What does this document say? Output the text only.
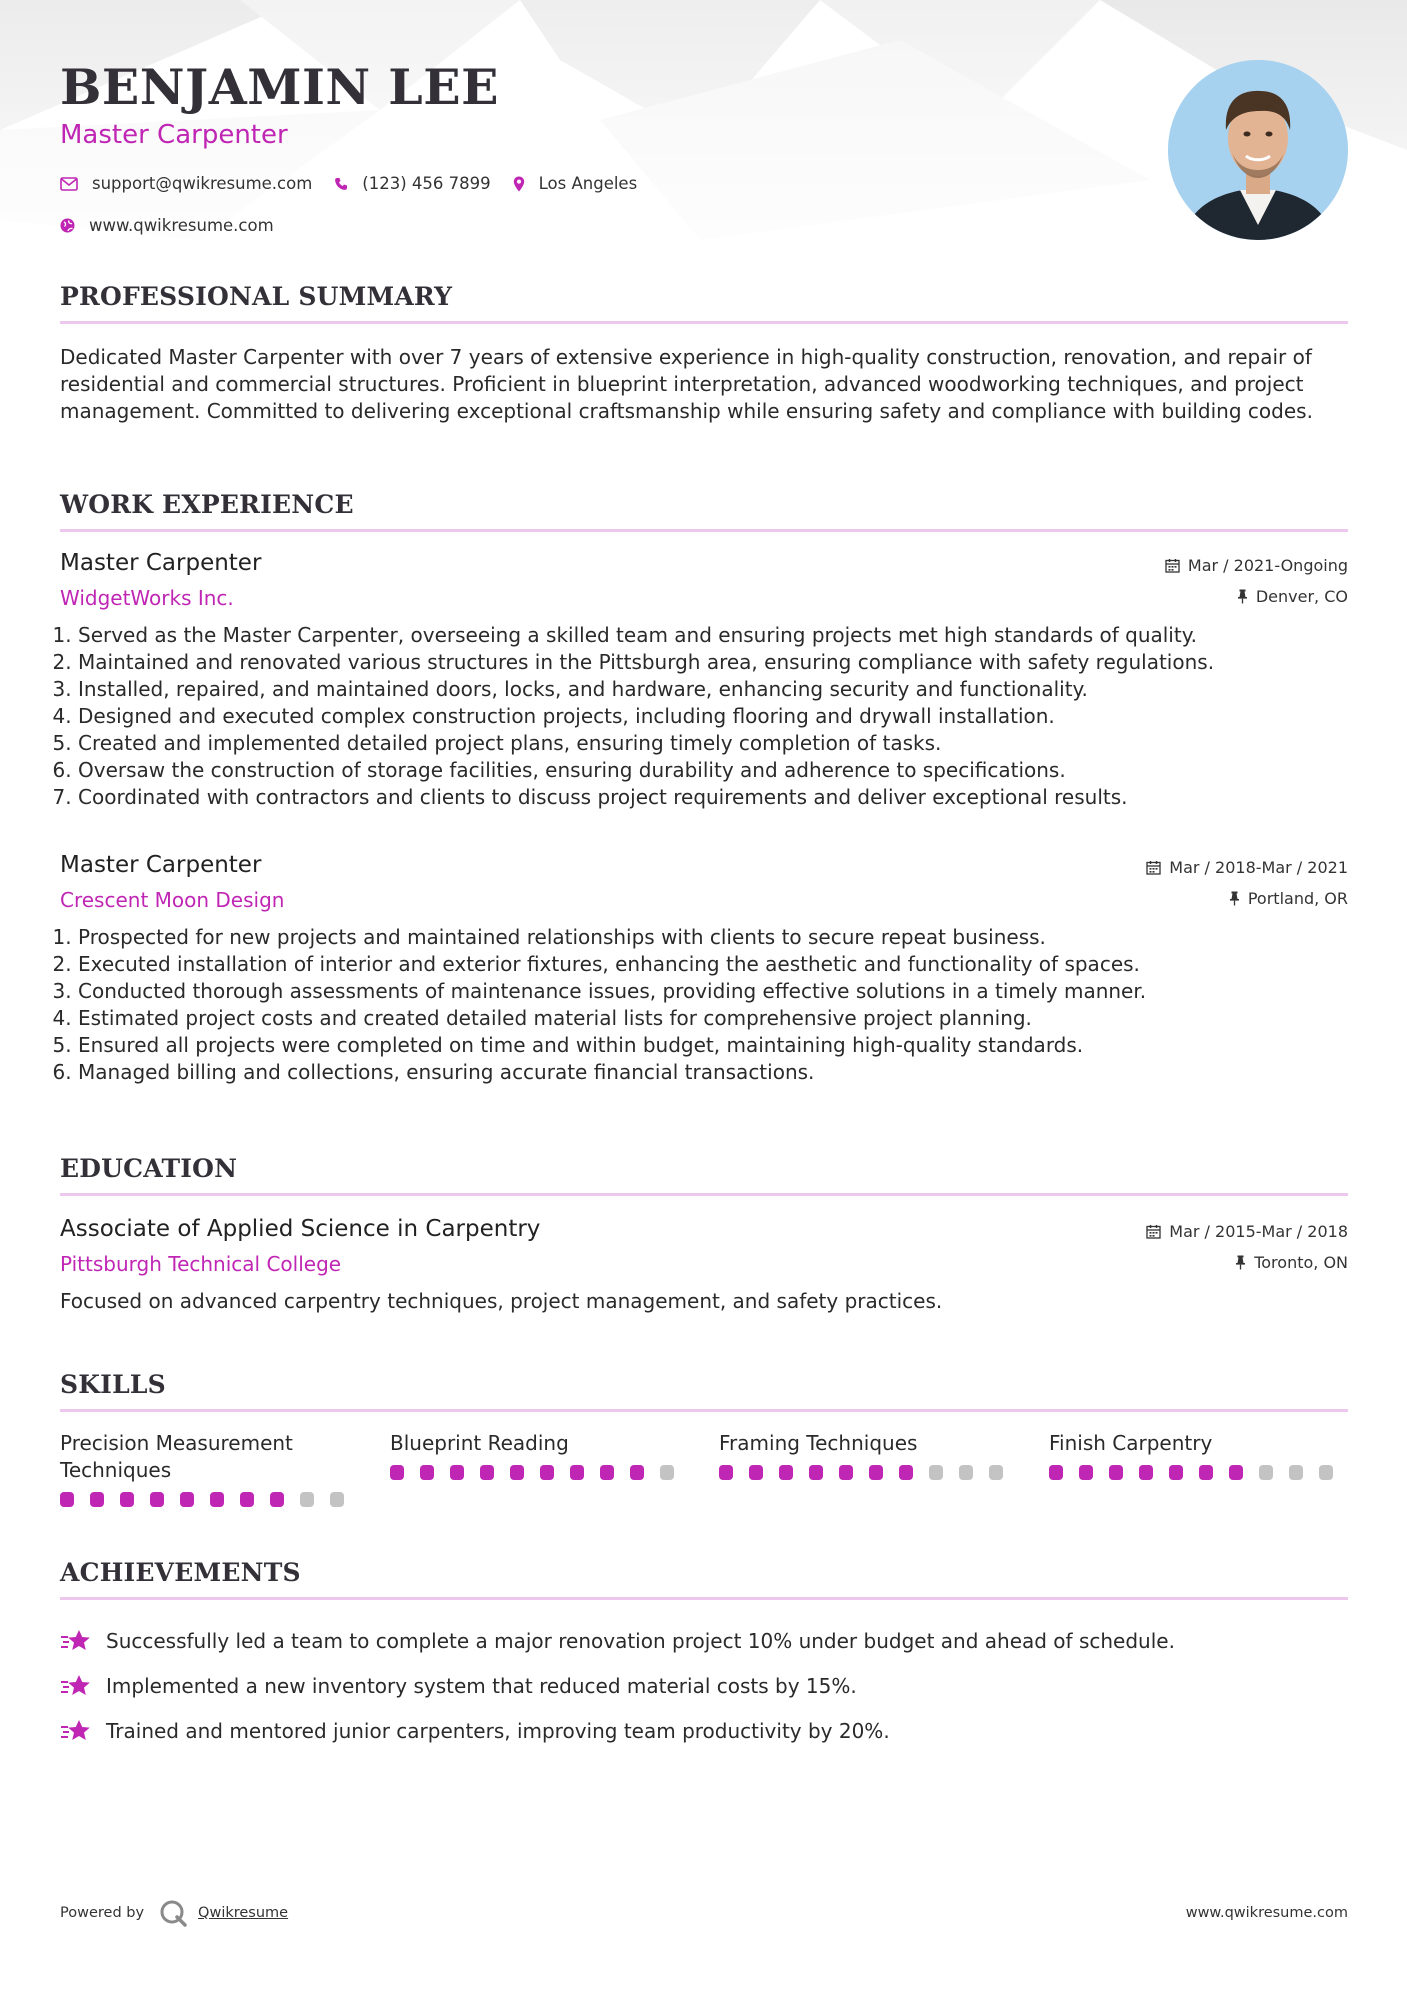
BENJAMIN LEE
Master Carpenter
support@qwikresume.com	(123) 456 7899	Los Angeles
www.qwikresume.com
PROFESSIONAL SUMMARY

Dedicated Master Carpenter with over 7 years of extensive experience in high-quality construction, renovation, and repair of residential and commercial structures. Proficient in blueprint interpretation, advanced woodworking techniques, and project management. Committed to delivering exceptional craftsmanship while ensuring safety and compliance with building codes.

WORK EXPERIENCE
Master Carpenter
WidgetWorks Inc.
Mar / 2021-Ongoing
Denver, CO
1. Served as the Master Carpenter, overseeing a skilled team and ensuring projects met high standards of quality.
2. Maintained and renovated various structures in the Pittsburgh area, ensuring compliance with safety regulations.
3. Installed, repaired, and maintained doors, locks, and hardware, enhancing security and functionality.
4. Designed and executed complex construction projects, including flooring and drywall installation.
5. Created and implemented detailed project plans, ensuring timely completion of tasks.
6. Oversaw the construction of storage facilities, ensuring durability and adherence to specifications.
7. Coordinated with contractors and clients to discuss project requirements and deliver exceptional results.
Master Carpenter
Crescent Moon Design
Mar / 2018-Mar / 2021
Portland, OR
1. Prospected for new projects and maintained relationships with clients to secure repeat business.
2. Executed installation of interior and exterior fixtures, enhancing the aesthetic and functionality of spaces.
3. Conducted thorough assessments of maintenance issues, providing effective solutions in a timely manner.
4. Estimated project costs and created detailed material lists for comprehensive project planning.
5. Ensured all projects were completed on time and within budget, maintaining high-quality standards.
6. Managed billing and collections, ensuring accurate financial transactions.
EDUCATION
Associate of Applied Science in Carpentry
Pittsburgh Technical College
Mar / 2015-Mar / 2018
Toronto, ON

Focused on advanced carpentry techniques, project management, and safety practices.

SKILLS
Precision Measurement Techniques
Blueprint Reading	Framing Techniques	Finish Carpentry
ACHIEVEMENTS
Successfully led a team to complete a major renovation project 10% under budget and ahead of schedule.
Implemented a new inventory system that reduced material costs by 15%.
Trained and mentored junior carpenters, improving team productivity by 20%.
Powered by	Qwikresume	www.qwikresume.com
